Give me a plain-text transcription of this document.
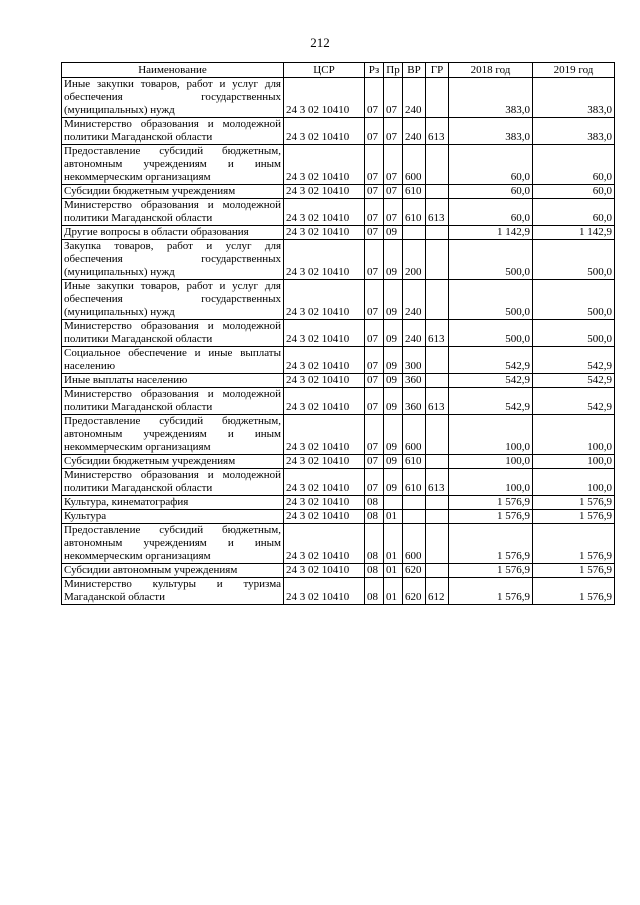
212
Наименование	ЦСР	Рз	Пр	ВР	ГР	2018 год	2019 год
Иные закупки товаров, работ и услуг для обеспечения государственных (муниципальных) нужд	24 3 02 10410	07	07	240		383,0	383,0
Министерство образования и молодежной политики Магаданской области	24 3 02 10410	07	07	240	613	383,0	383,0
Предоставление субсидий бюджетным, автономным учреждениям и иным некоммерческим организациям	24 3 02 10410	07	07	600		60,0	60,0
Субсидии бюджетным учреждениям	24 3 02 10410	07	07	610		60,0	60,0
Министерство образования и молодежной политики Магаданской области	24 3 02 10410	07	07	610	613	60,0	60,0
Другие вопросы в области образования	24 3 02 10410	07	09			1 142,9	1 142,9
Закупка товаров, работ и услуг для обеспечения государственных (муниципальных) нужд	24 3 02 10410	07	09	200		500,0	500,0
Иные закупки товаров, работ и услуг для обеспечения государственных (муниципальных) нужд	24 3 02 10410	07	09	240		500,0	500,0
Министерство образования и молодежной политики Магаданской области	24 3 02 10410	07	09	240	613	500,0	500,0
Социальное обеспечение и иные выплаты населению	24 3 02 10410	07	09	300		542,9	542,9
Иные выплаты населению	24 3 02 10410	07	09	360		542,9	542,9
Министерство образования и молодежной политики Магаданской области	24 3 02 10410	07	09	360	613	542,9	542,9
Предоставление субсидий бюджетным, автономным учреждениям и иным некоммерческим организациям	24 3 02 10410	07	09	600		100,0	100,0
Субсидии бюджетным учреждениям	24 3 02 10410	07	09	610		100,0	100,0
Министерство образования и молодежной политики Магаданской области	24 3 02 10410	07	09	610	613	100,0	100,0
Культура, кинематография	24 3 02 10410	08				1 576,9	1 576,9
Культура	24 3 02 10410	08	01			1 576,9	1 576,9
Предоставление субсидий бюджетным, автономным учреждениям и иным некоммерческим организациям	24 3 02 10410	08	01	600		1 576,9	1 576,9
Субсидии автономным учреждениям	24 3 02 10410	08	01	620		1 576,9	1 576,9
Министерство культуры и туризма Магаданской области	24 3 02 10410	08	01	620	612	1 576,9	1 576,9
